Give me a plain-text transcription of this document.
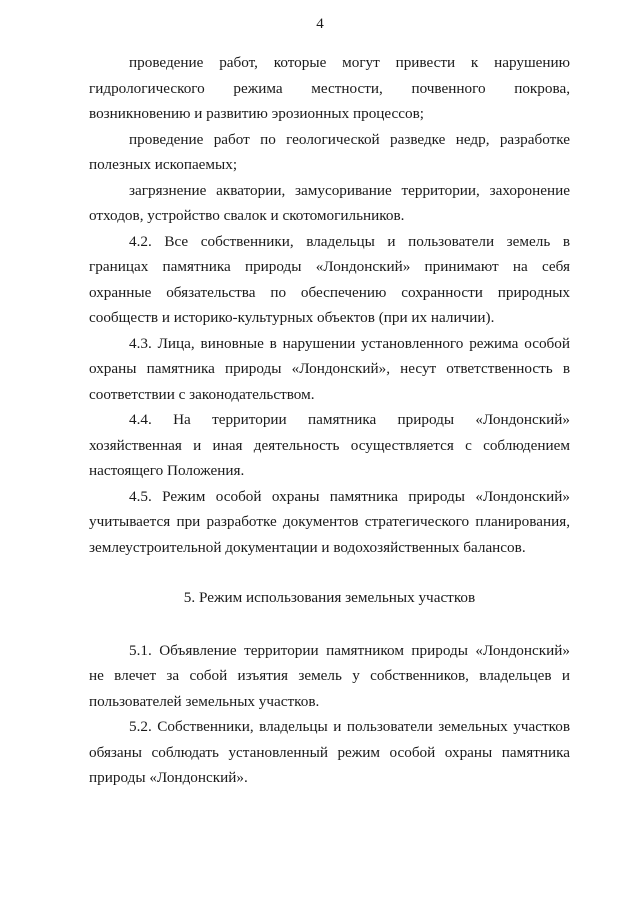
4

проведение работ, которые могут привести к нарушению гидрологического режима местности, почвенного покрова, возникновению и развитию эрозионных процессов;

проведение работ по геологической разведке недр, разработке полезных ископаемых;

загрязнение акватории, замусоривание территории, захоронение отходов, устройство свалок и скотомогильников.

4.2. Все собственники, владельцы и пользователи земель в границах памятника природы «Лондонский» принимают на себя охранные обязательства по обеспечению сохранности природных сообществ и историко-культурных объектов (при их наличии).

4.3. Лица, виновные в нарушении установленного режима особой охраны памятника природы «Лондонский», несут ответственность в соответствии с законодательством.

4.4. На территории памятника природы «Лондонский» хозяйственная и иная деятельность осуществляется с соблюдением настоящего Положения.

4.5. Режим особой охраны памятника природы «Лондонский» учитывается при разработке документов стратегического планирования, землеустроительной документации и водохозяйственных балансов.

5. Режим использования земельных участков

5.1. Объявление территории памятником природы «Лондонский» не влечет за собой изъятия земель у собственников, владельцев и пользователей земельных участков.

5.2. Собственники, владельцы и пользователи земельных участков обязаны соблюдать установленный режим особой охраны памятника природы «Лондонский».
